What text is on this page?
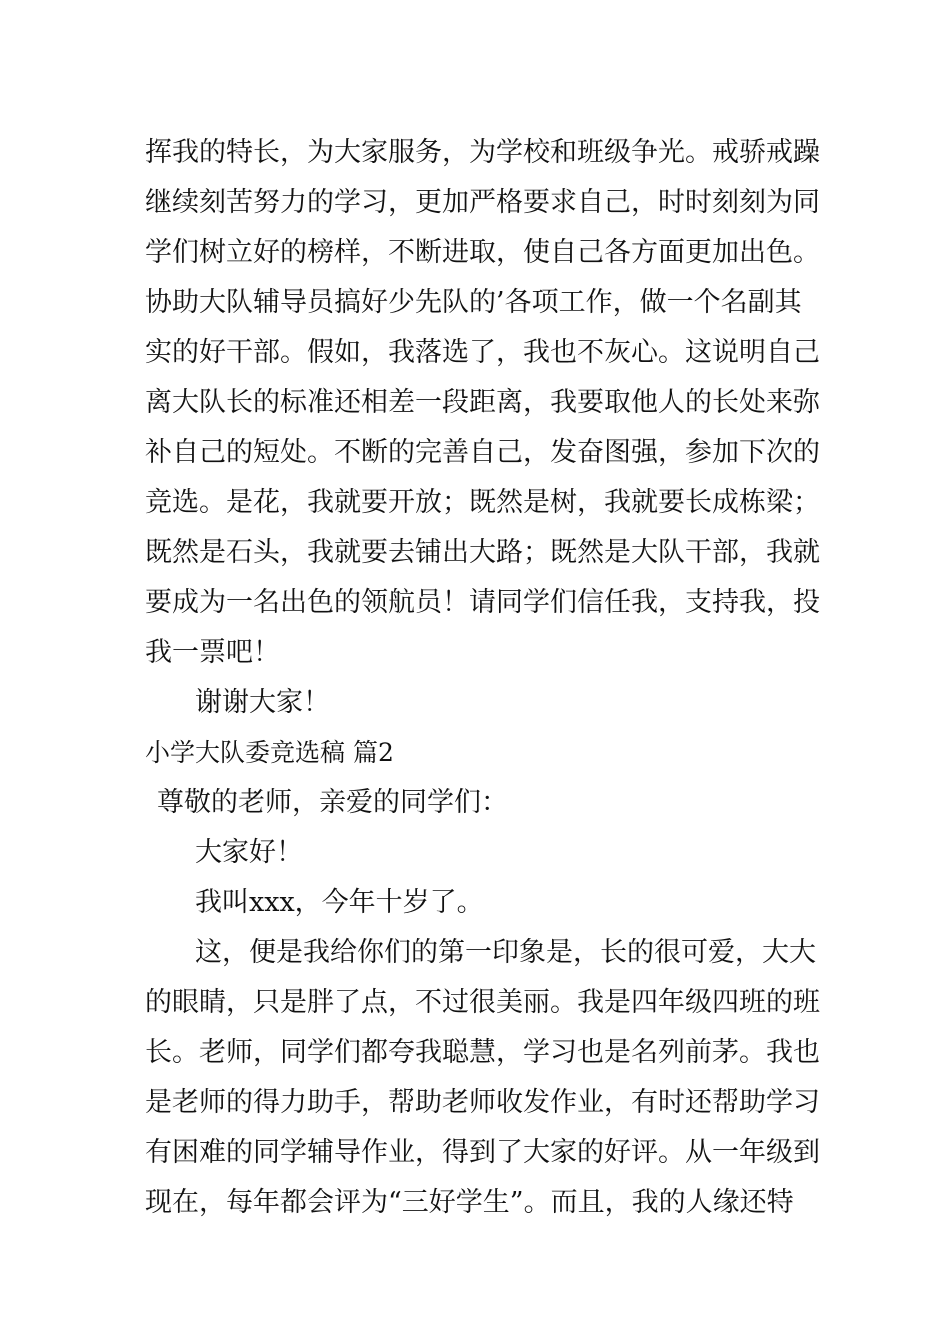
挥我的特长，为大家服务，为学校和班级争光。戒骄戒躁
继续刻苦努力的学习，更加严格要求自己，时时刻刻为同
学们树立好的榜样，不断进取，使自己各方面更加出色。
协助大队辅导员搞好少先队的’各项工作，做一个名副其
实的好干部。假如，我落选了，我也不灰心。这说明自己
离大队长的标准还相差一段距离，我要取他人的长处来弥
补自己的短处。不断的完善自己，发奋图强，参加下次的
竞选。是花，我就要开放；既然是树，我就要长成栋梁；
既然是石头，我就要去铺出大路；既然是大队干部，我就
要成为一名出色的领航员！请同学们信任我，支持我，投
我一票吧！
谢谢大家！
小学大队委竞选稿 篇2
尊敬的老师，亲爱的同学们：
大家好！
我叫xxx，今年十岁了。
这，便是我给你们的第一印象是，长的很可爱，大大
的眼睛，只是胖了点，不过很美丽。我是四年级四班的班
长。老师，同学们都夸我聪慧，学习也是名列前茅。我也
是老师的得力助手，帮助老师收发作业，有时还帮助学习
有困难的同学辅导作业，得到了大家的好评。从一年级到
现在，每年都会评为“三好学生”。而且，我的人缘还特
